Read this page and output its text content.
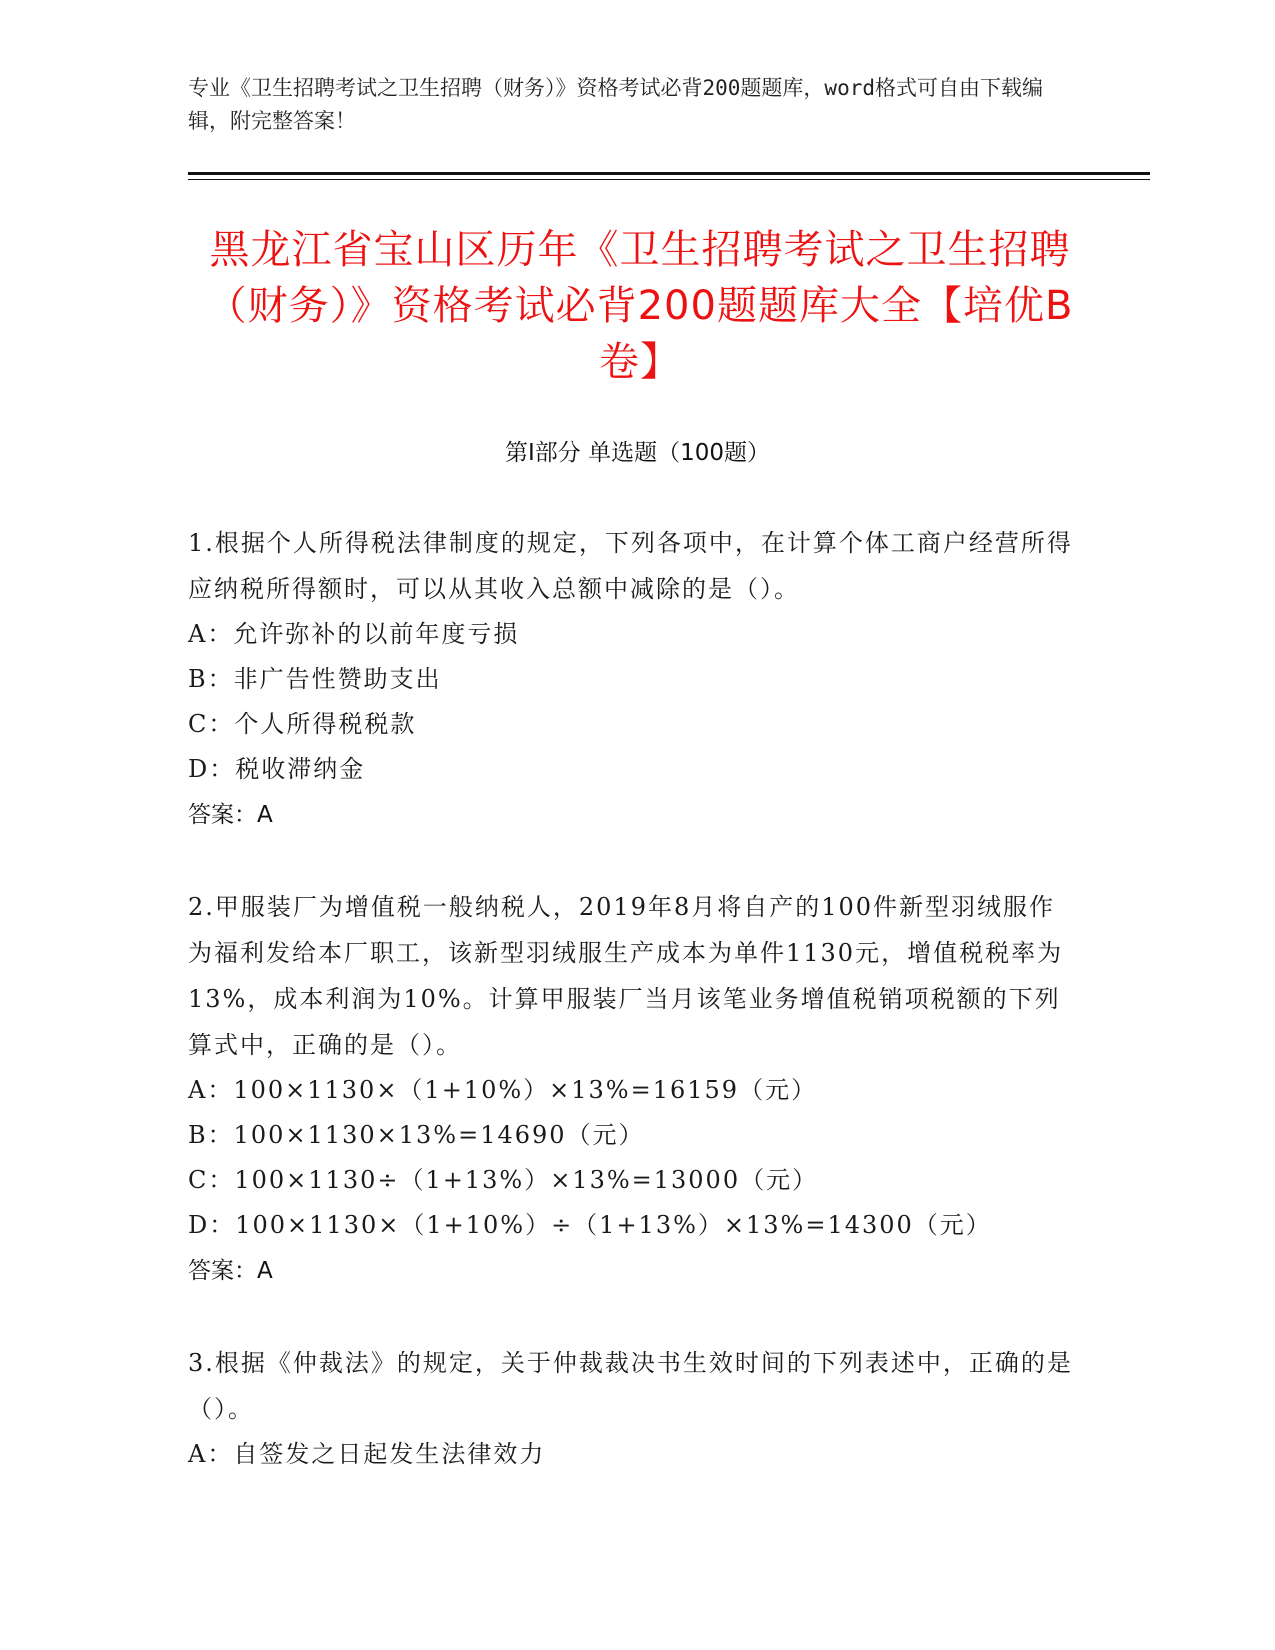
专业《卫生招聘考试之卫生招聘（财务）》资格考试必背200题题库，word格式可自由下载编辑，附完整答案！
黑龙江省宝山区历年《卫生招聘考试之卫生招聘（财务）》资格考试必背200题题库大全【培优B卷】
第Ⅰ部分 单选题（100题）
1.根据个人所得税法律制度的规定，下列各项中，在计算个体工商户经营所得应纳税所得额时，可以从其收入总额中减除的是（）。
A：允许弥补的以前年度亏损
B：非广告性赞助支出
C：个人所得税税款
D：税收滞纳金
答案：A
2.甲服装厂为增值税一般纳税人，2019年8月将自产的100件新型羽绒服作为福利发给本厂职工，该新型羽绒服生产成本为单件1130元，增值税税率为13%，成本利润为10%。计算甲服装厂当月该笔业务增值税销项税额的下列算式中，正确的是（）。
A：100×1130×（1+10%）×13%=16159（元）
B：100×1130×13%=14690（元）
C：100×1130÷（1+13%）×13%=13000（元）
D：100×1130×（1+10%）÷（1+13%）×13%=14300（元）
答案：A
3.根据《仲裁法》的规定，关于仲裁裁决书生效时间的下列表述中，正确的是（）。
A：自签发之日起发生法律效力
